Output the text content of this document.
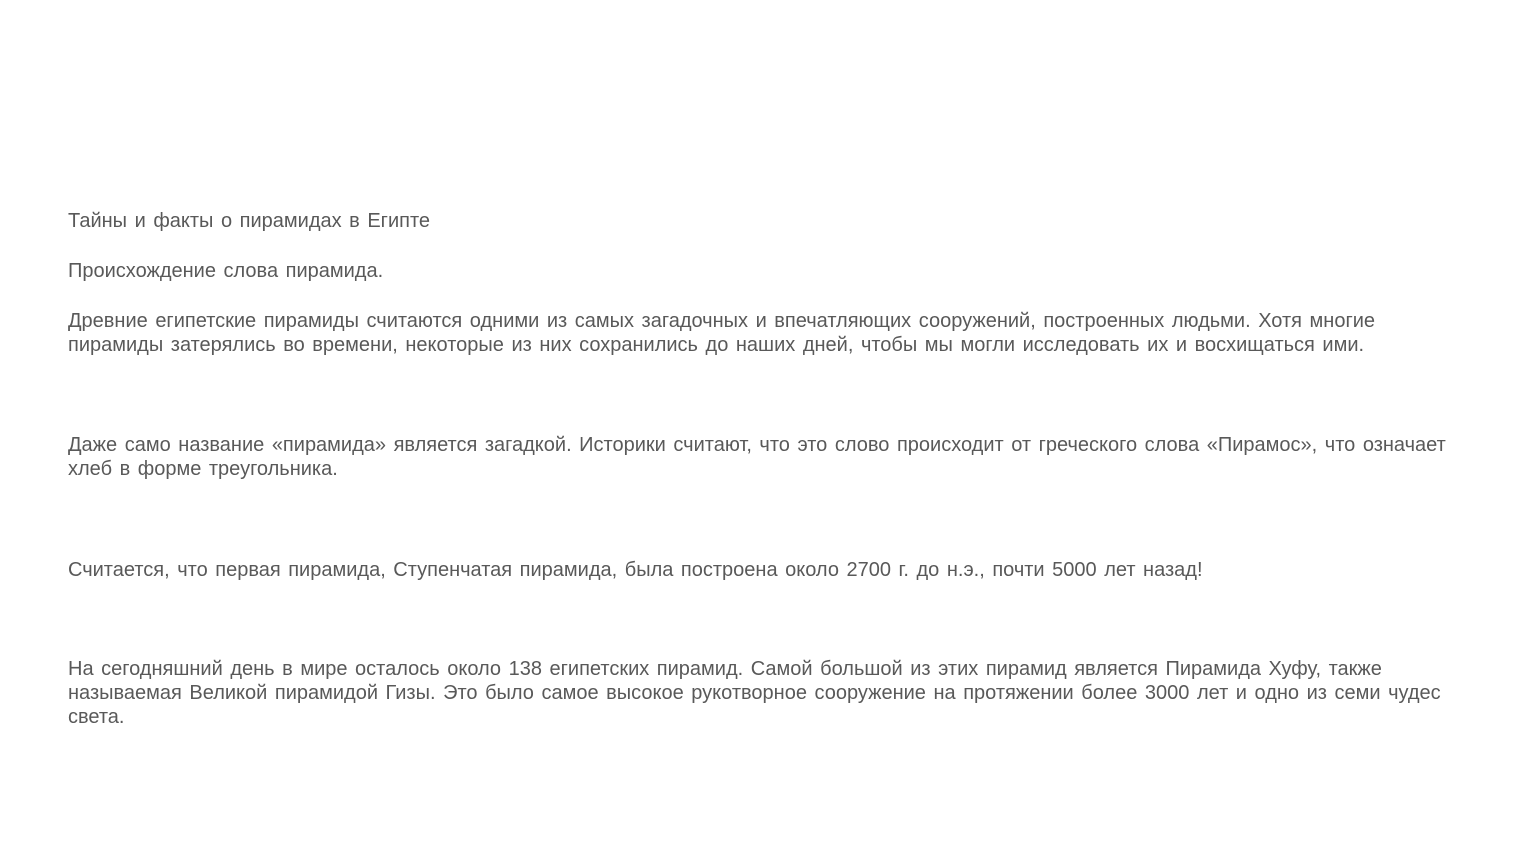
Тайны и факты о пирамидах в Египте

Происхождение слова пирамида.

Древние египетские пирамиды считаются одними из самых загадочных и впечатляющих сооружений, построенных людьми. Хотя многие пирамиды затерялись во времени, некоторые из них сохранились до наших дней, чтобы мы могли исследовать их и восхищаться ими.

Даже само название «пирамида» является загадкой. Историки считают, что это слово происходит от греческого слова «Пирамос», что означает хлеб в форме треугольника.

Считается, что первая пирамида, Ступенчатая пирамида, была построена около 2700 г. до н.э., почти 5000 лет назад!

На сегодняшний день в мире осталось около 138 египетских пирамид. Самой большой из этих пирамид является Пирамида Хуфу, также называемая Великой пирамидой Гизы. Это было самое высокое рукотворное сооружение на протяжении более 3000 лет и одно из семи чудес света.
